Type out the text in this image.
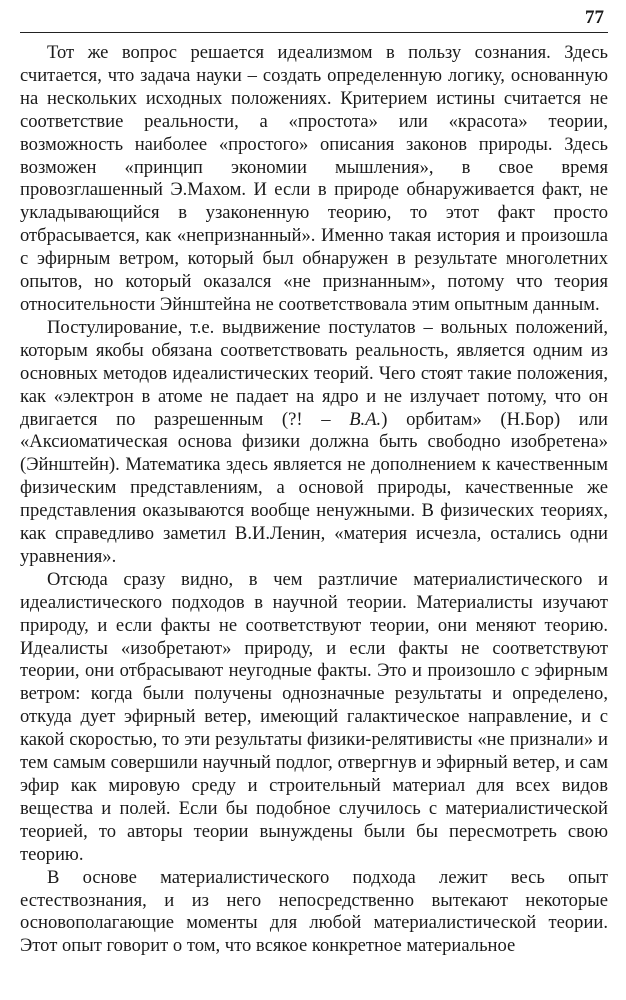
77

Тот же вопрос решается идеализмом в пользу сознания. Здесь считается, что задача науки – создать определенную логику, основанную на нескольких исходных положениях. Критерием истины считается не соответствие реальности, а «простота» или «красота» теории, возможность наиболее «простого» описания законов природы. Здесь возможен «принцип экономии мышления», в свое время провозглашенный Э.Махом. И если в природе обнаруживается факт, не укладывающийся в узаконенную теорию, то этот факт просто отбрасывается, как «непризнанный». Именно такая история и произошла с эфирным ветром, который был обнаружен в результате многолетних опытов, но который оказался «не признанным», потому что теория относительности Эйнштейна не соответствовала этим опытным данным.

Постулирование, т.е. выдвижение постулатов – вольных положений, которым якобы обязана соответствовать реальность, является одним из основных методов идеалистических теорий. Чего стоят такие положения, как «электрон в атоме не падает на ядро и не излучает потому, что он двигается по разрешенным (?! – В.А.) орбитам» (Н.Бор) или «Аксиоматическая основа физики должна быть свободно изобретена» (Эйнштейн). Математика здесь является не дополнением к качественным физическим представлениям, а основой природы, качественные же представления оказываются вообще ненужными. В физических теориях, как справедливо заметил В.И.Ленин, «материя исчезла, остались одни уравнения».

Отсюда сразу видно, в чем разтличие материалистического и идеалистического подходов в научной теории. Материалисты изучают природу, и если факты не соответствуют теории, они меняют теорию. Идеалисты «изобретают» природу, и если факты не соответствуют теории, они отбрасывают неугодные факты. Это и произошло с эфирным ветром: когда были получены однозначные результаты и определено, откуда дует эфирный ветер, имеющий галактическое направление, и с какой скоростью, то эти результаты физики-релятивисты «не признали» и тем самым совершили научный подлог, отвергнув и эфирный ветер, и сам эфир как мировую среду и строительный материал для всех видов вещества и полей. Если бы подобное случилось с материалистической теорией, то авторы теории вынуждены были бы пересмотреть свою теорию.

В основе материалистического подхода лежит весь опыт естествознания, и из него непосредственно вытекают некоторые основополагающие моменты для любой материалистической теории. Этот опыт говорит о том, что всякое конкретное материальное
